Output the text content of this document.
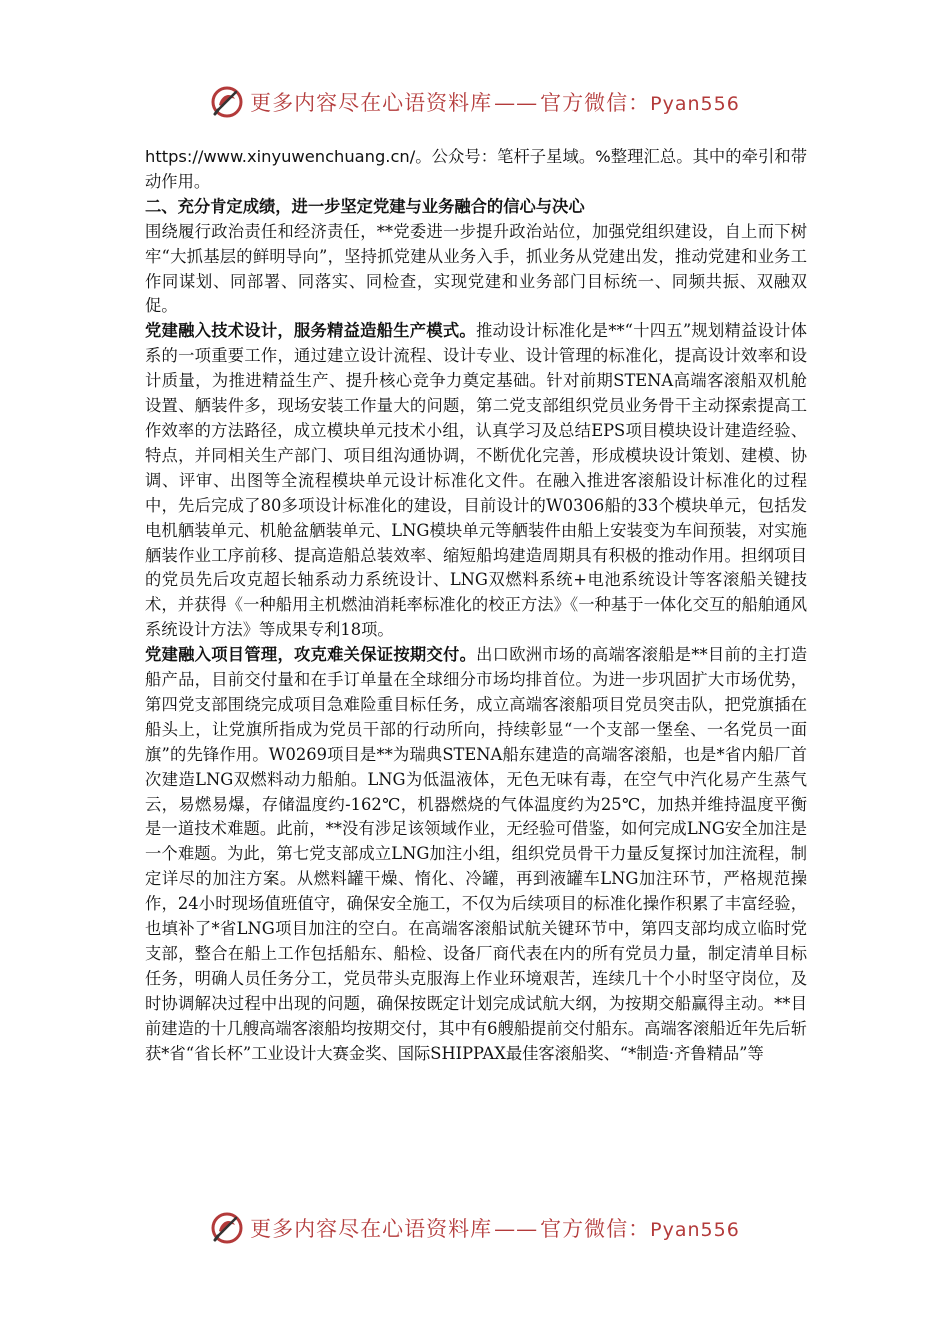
更多内容尽在心语资料库——官方微信：Pyan556

https://www.xinyuwenchuang.cn/。公众号：笔杆子星域。%整理汇总。其中的牵引和带动作用。

二、充分肯定成绩，进一步坚定党建与业务融合的信心与决心

围绕履行政治责任和经济责任，**党委进一步提升政治站位，加强党组织建设，自上而下树牢“大抓基层的鲜明导向”，坚持抓党建从业务入手，抓业务从党建出发，推动党建和业务工作同谋划、同部署、同落实、同检查，实现党建和业务部门目标统一、同频共振、双融双促。

党建融入技术设计，服务精益造船生产模式。推动设计标准化是**“十四五”规划精益设计体系的一项重要工作，通过建立设计流程、设计专业、设计管理的标准化，提高设计效率和设计质量，为推进精益生产、提升核心竞争力奠定基础。针对前期STENA高端客滚船双机舱设置、舾装件多，现场安装工作量大的问题，第二党支部组织党员业务骨干主动探索提高工作效率的方法路径，成立模块单元技术小组，认真学习及总结EPS项目模块设计建造经验、特点，并同相关生产部门、项目组沟通协调，不断优化完善，形成模块设计策划、建模、协调、评审、出图等全流程模块单元设计标准化文件。在融入推进客滚船设计标准化的过程中，先后完成了80多项设计标准化的建设，目前设计的W0306船的33个模块单元，包括发电机舾装单元、机舱盆舾装单元、LNG模块单元等舾装件由船上安装变为车间预装，对实施舾装作业工序前移、提高造船总装效率、缩短船坞建造周期具有积极的推动作用。担纲项目的党员先后攻克超长轴系动力系统设计、LNG双燃料系统+电池系统设计等客滚船关键技术，并获得《一种船用主机燃油消耗率标准化的校正方法》《一种基于一体化交互的船舶通风系统设计方法》等成果专利18项。

党建融入项目管理，攻克难关保证按期交付。出口欧洲市场的高端客滚船是**目前的主打造船产品，目前交付量和在手订单量在全球细分市场均排首位。为进一步巩固扩大市场优势，第四党支部围绕完成项目急难险重目标任务，成立高端客滚船项目党员突击队，把党旗插在船头上，让党旗所指成为党员干部的行动所向，持续彰显“一个支部一堡垒、一名党员一面旗”的先锋作用。W0269项目是**为瑞典STENA船东建造的高端客滚船，也是*省内船厂首次建造LNG双燃料动力船舶。LNG为低温液体，无色无味有毒，在空气中汽化易产生蒸气云，易燃易爆，存储温度约-162℃，机器燃烧的气体温度约为25℃，加热并维持温度平衡是一道技术难题。此前，**没有涉足该领域作业，无经验可借鉴，如何完成LNG安全加注是一个难题。为此，第七党支部成立LNG加注小组，组织党员骨干力量反复探讨加注流程，制定详尽的加注方案。从燃料罐干燥、惰化、冷罐，再到液罐车LNG加注环节，严格规范操作，24小时现场值班值守，确保安全施工，不仅为后续项目的标准化操作积累了丰富经验，也填补了*省LNG项目加注的空白。在高端客滚船试航关键环节中，第四支部均成立临时党支部，整合在船上工作包括船东、船检、设备厂商代表在内的所有党员力量，制定清单目标任务，明确人员任务分工，党员带头克服海上作业环境艰苦，连续几十个小时坚守岗位，及时协调解决过程中出现的问题，确保按既定计划完成试航大纲，为按期交船赢得主动。**目前建造的十几艘高端客滚船均按期交付，其中有6艘船提前交付船东。高端客滚船近年先后斩获*省“省长杯”工业设计大赛金奖、国际SHIPPAX最佳客滚船奖、“*制造·齐鲁精品”等

更多内容尽在心语资料库——官方微信：Pyan556
